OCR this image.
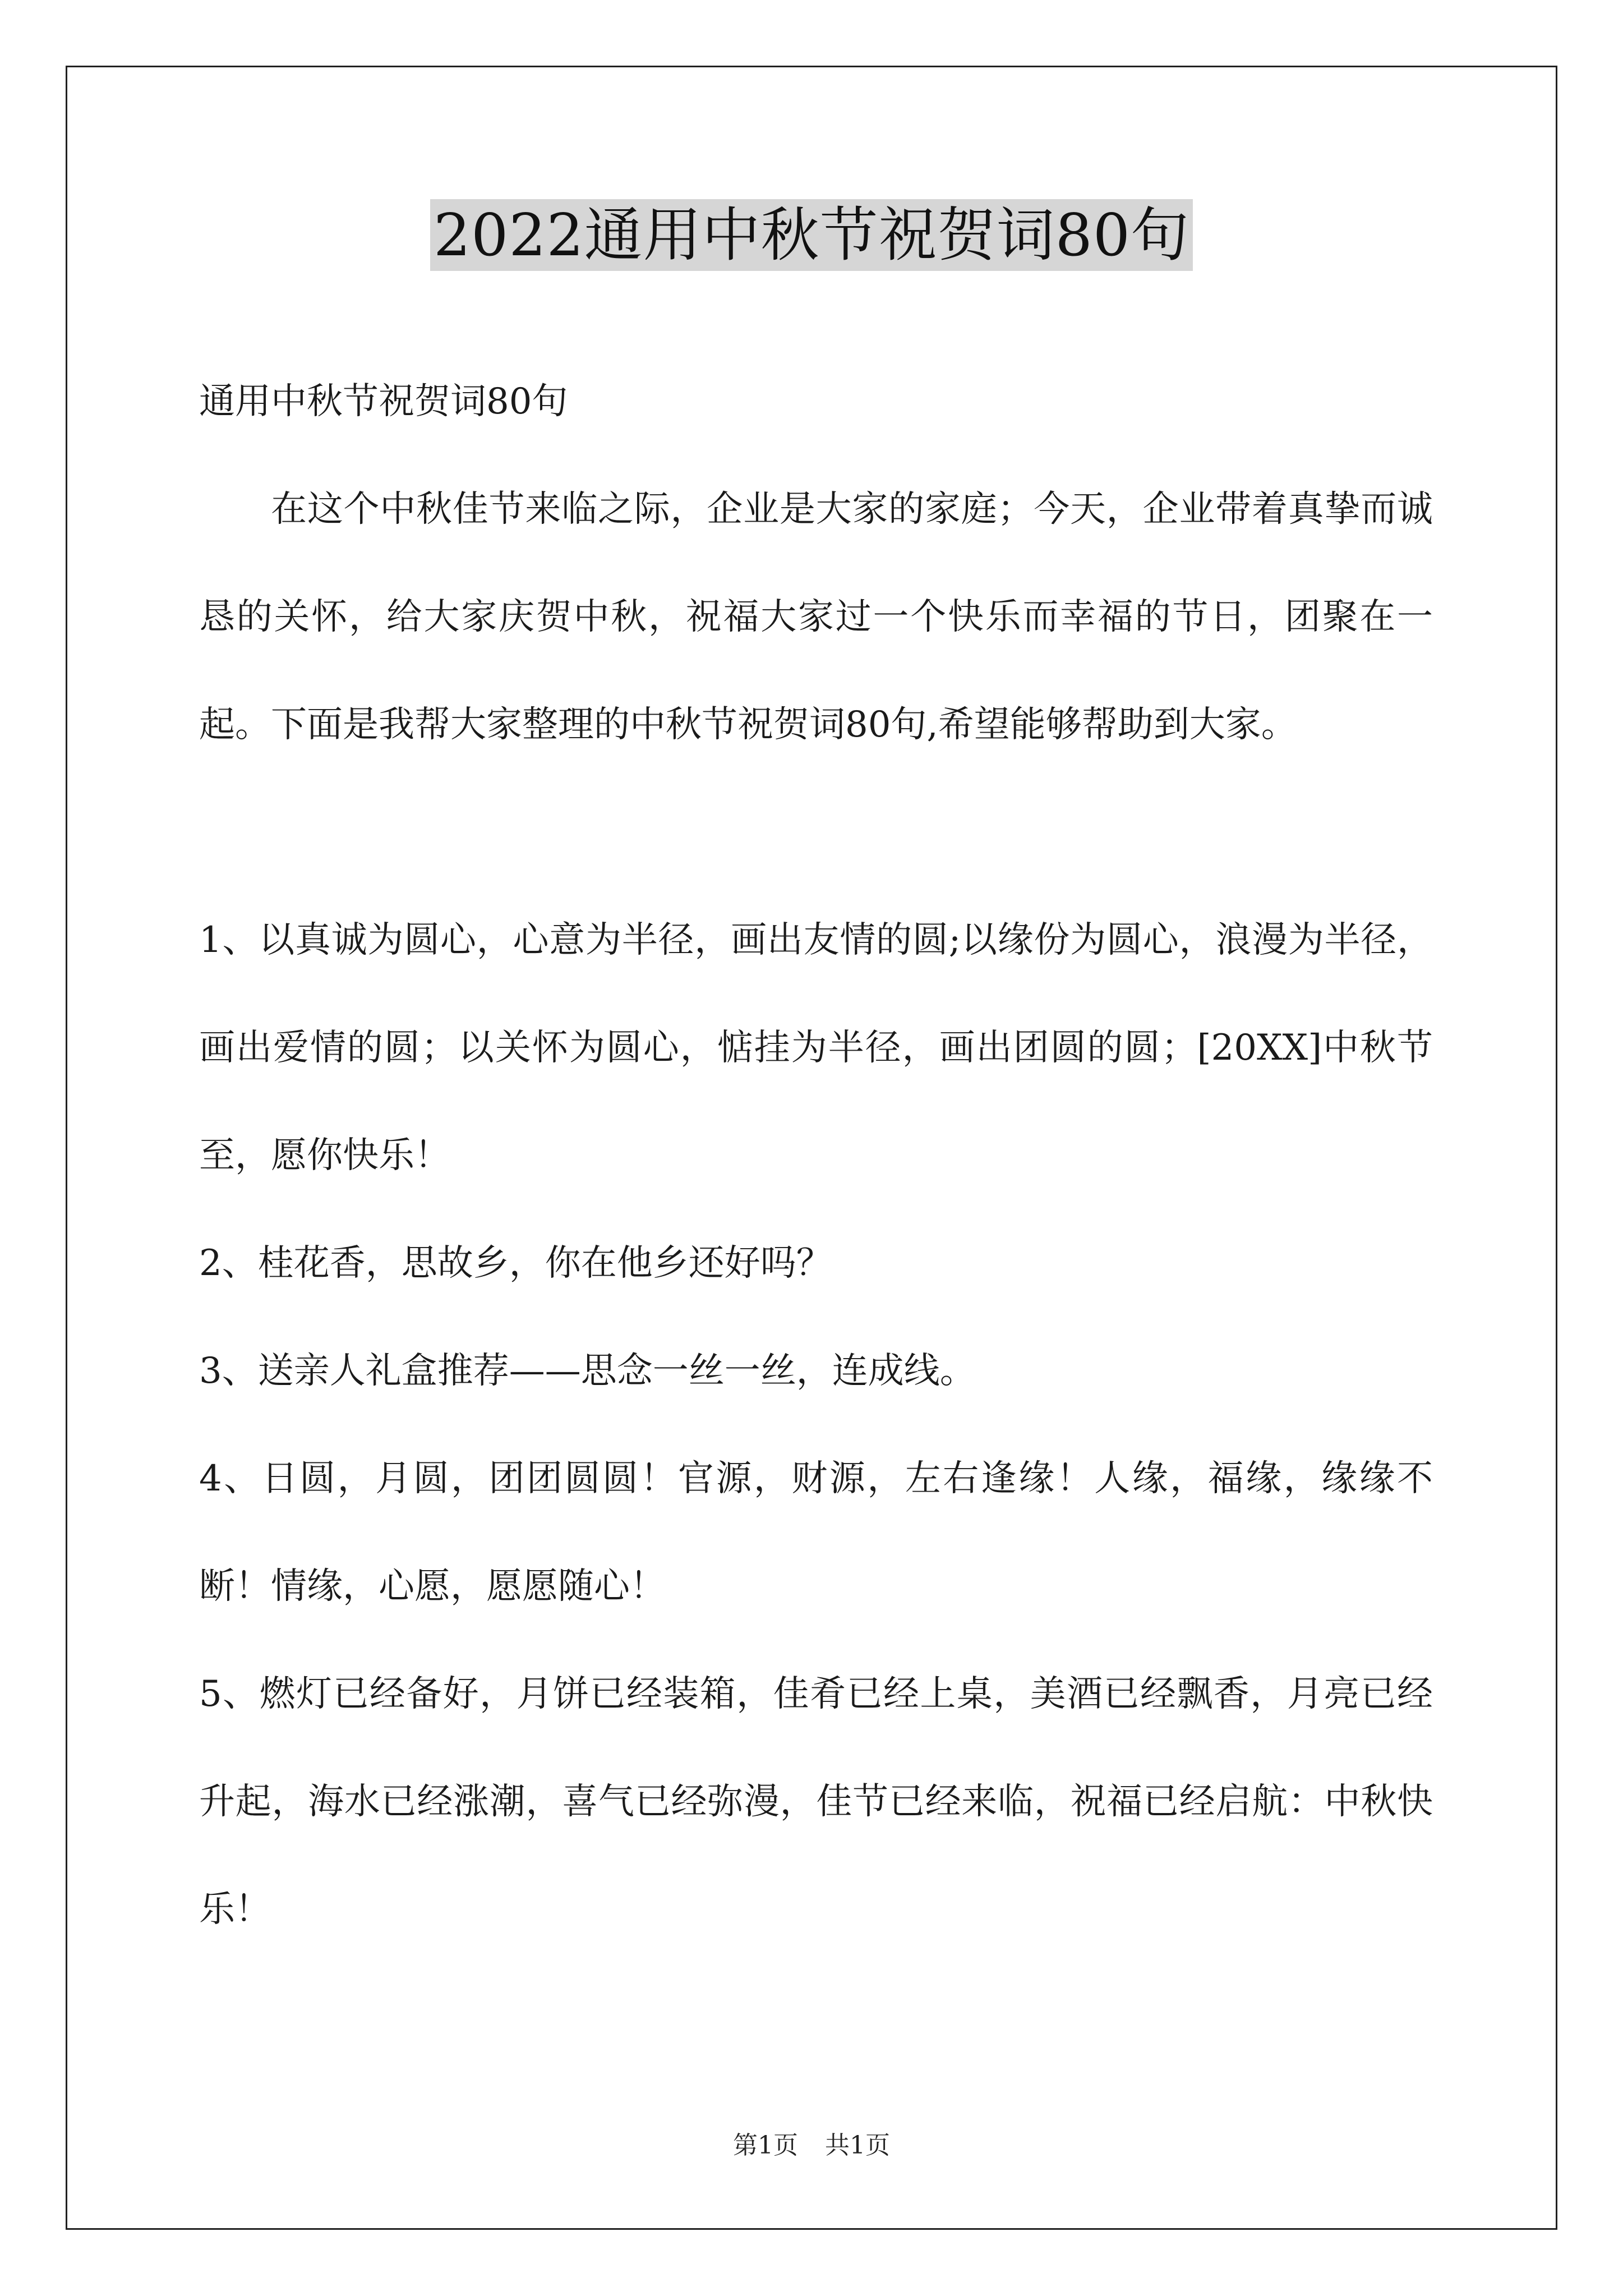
2022通用中秋节祝贺词80句

通用中秋节祝贺词80句

在这个中秋佳节来临之际，企业是大家的家庭；今天，企业带着真挚而诚恳的关怀，给大家庆贺中秋，祝福大家过一个快乐而幸福的节日，团聚在一起。下面是我帮大家整理的中秋节祝贺词80句,希望能够帮助到大家。

1、以真诚为圆心，心意为半径，画出友情的圆;以缘份为圆心，浪漫为半径，画出爱情的圆；以关怀为圆心，惦挂为半径，画出团圆的圆；[20XX]中秋节至，愿你快乐！

2、桂花香，思故乡，你在他乡还好吗？

3、送亲人礼盒推荐——思念一丝一丝，连成线。

4、日圆，月圆，团团圆圆！官源，财源，左右逢缘！人缘，福缘，缘缘不断！情缘，心愿，愿愿随心！

5、燃灯已经备好，月饼已经装箱，佳肴已经上桌，美酒已经飘香，月亮已经升起，海水已经涨潮，喜气已经弥漫，佳节已经来临，祝福已经启航：中秋快乐！

第1页 共1页
